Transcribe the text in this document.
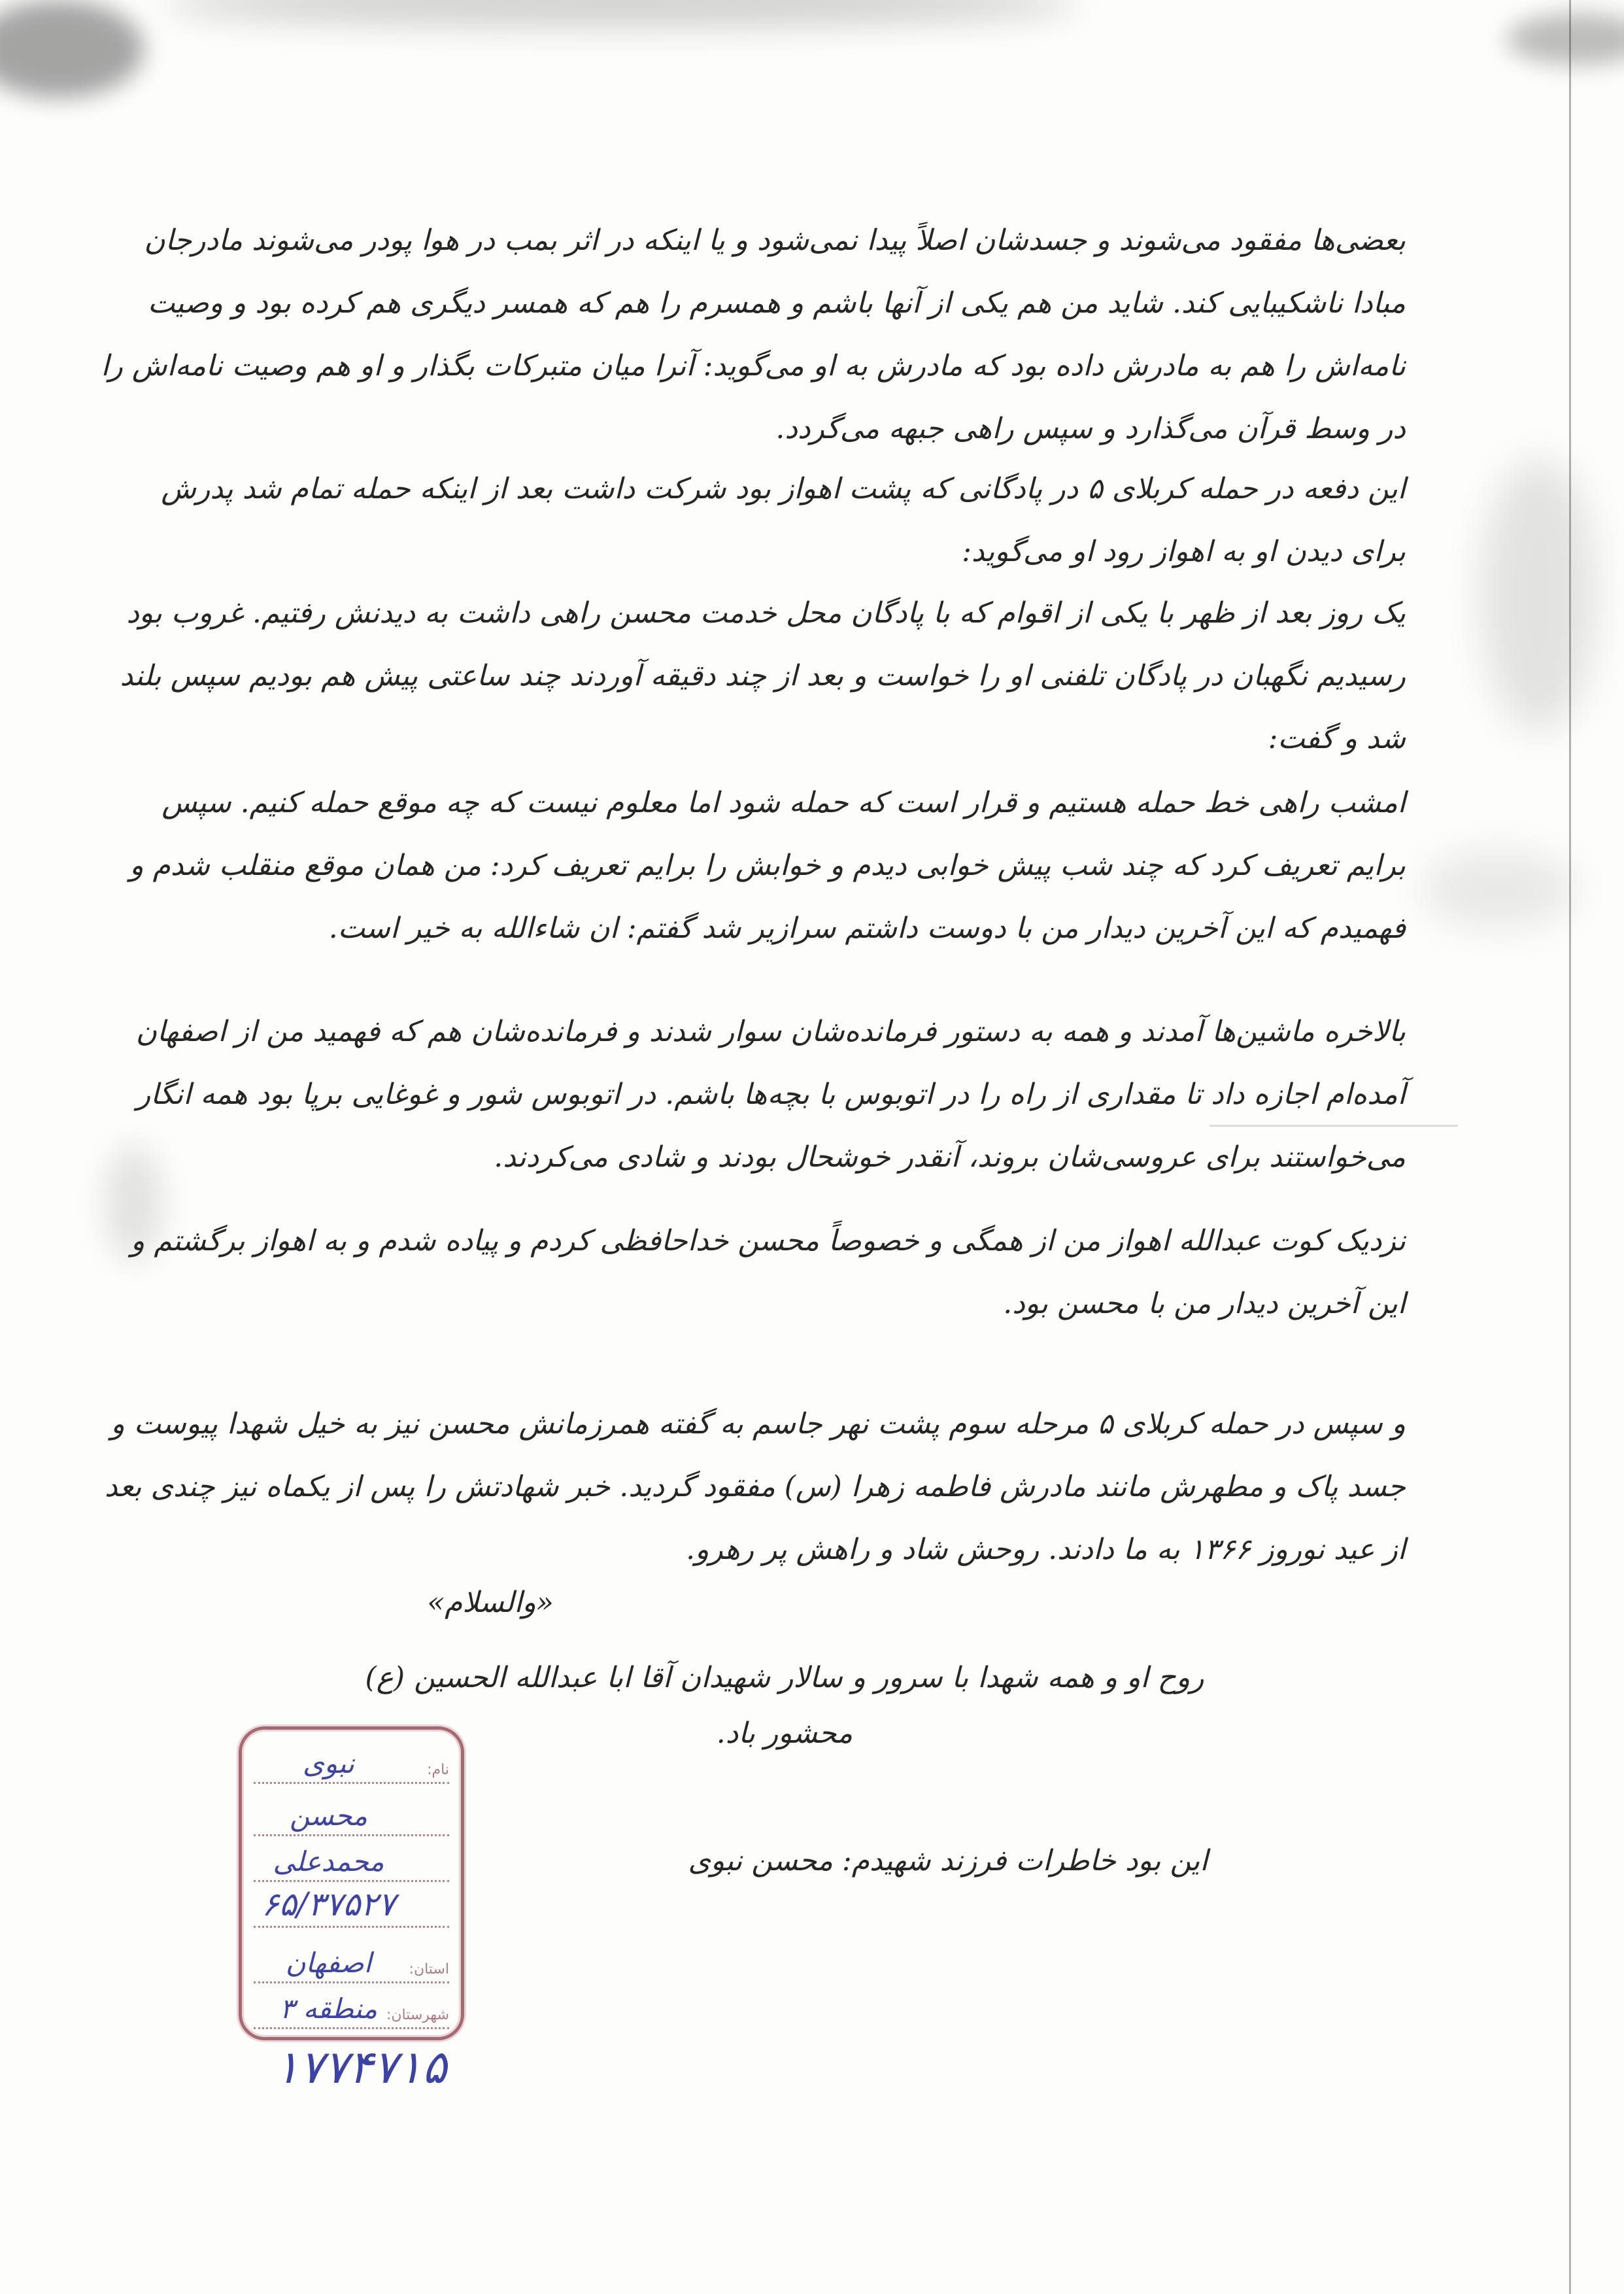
بعضی‌ها مفقود می‌شوند و جسدشان اصلاً پیدا نمی‌شود و یا اینکه در اثر بمب در هوا پودر می‌شوند مادرجان مبادا ناشکیبایی کند. شاید من هم یکی از آنها باشم و همسرم را هم که همسر دیگری هم کرده بود و وصیت نامه‌اش را هم به مادرش داده بود که مادرش به او می‌گوید: آنرا میان متبرکات بگذار و او هم وصیت نامه‌اش را در وسط قرآن می‌گذارد و سپس راهی جبهه می‌گردد.
این دفعه در حمله کربلای ۵ در پادگانی که پشت اهواز بود شرکت داشت بعد از اینکه حمله تمام شد پدرش برای دیدن او به اهواز رود او می‌گوید:
یک روز بعد از ظهر با یکی از اقوام که با پادگان محل خدمت محسن راهی داشت به دیدنش رفتیم. غروب بود رسیدیم نگهبان در پادگان تلفنی او را خواست و بعد از چند دقیقه آوردند چند ساعتی پیش هم بودیم سپس بلند شد و گفت:
امشب راهی خط حمله هستیم و قرار است که حمله شود اما معلوم نیست که چه موقع حمله کنیم. سپس برایم تعریف کرد که چند شب پیش خوابی دیدم و خوابش را برایم تعریف کرد: من همان موقع منقلب شدم و فهمیدم که این آخرین دیدار من با دوست داشتم سرازیر شد گفتم: ان شاءالله به خیر است.
بالاخره ماشین‌ها آمدند و همه به دستور فرمانده‌شان سوار شدند و فرمانده‌شان هم که فهمید من از اصفهان آمده‌ام اجازه داد تا مقداری از راه را در اتوبوس با بچه‌ها باشم. در اتوبوس شور و غوغایی برپا بود همه انگار می‌خواستند برای عروسی‌شان بروند، آنقدر خوشحال بودند و شادی می‌کردند.
نزدیک کوت عبدالله اهواز من از همگی و خصوصاً محسن خداحافظی کردم و پیاده شدم و به اهواز برگشتم و این آخرین دیدار من با محسن بود.
و سپس در حمله کربلای ۵ مرحله سوم پشت نهر جاسم به گفته همرزمانش محسن نیز به خیل شهدا پیوست و جسد پاک و مطهرش مانند مادرش فاطمه زهرا (س) مفقود گردید. خبر شهادتش را پس از یکماه نیز چندی بعد از عید نوروز ۱۳۶۶ به ما دادند. روحش شاد و راهش پر رهرو.
«والسلام»
روح او و همه شهدا با سرور و سالار شهیدان آقا ابا عبدالله الحسین (ع)
محشور باد.
این بود خاطرات فرزند شهیدم: محسن نبوی
نام:
نبوی
محسن
محمدعلی
۶۵/۳۷۵۲۷
استان:
اصفهان
شهرستان:
منطقه ۳
۱۷۷۴۷۱۵
